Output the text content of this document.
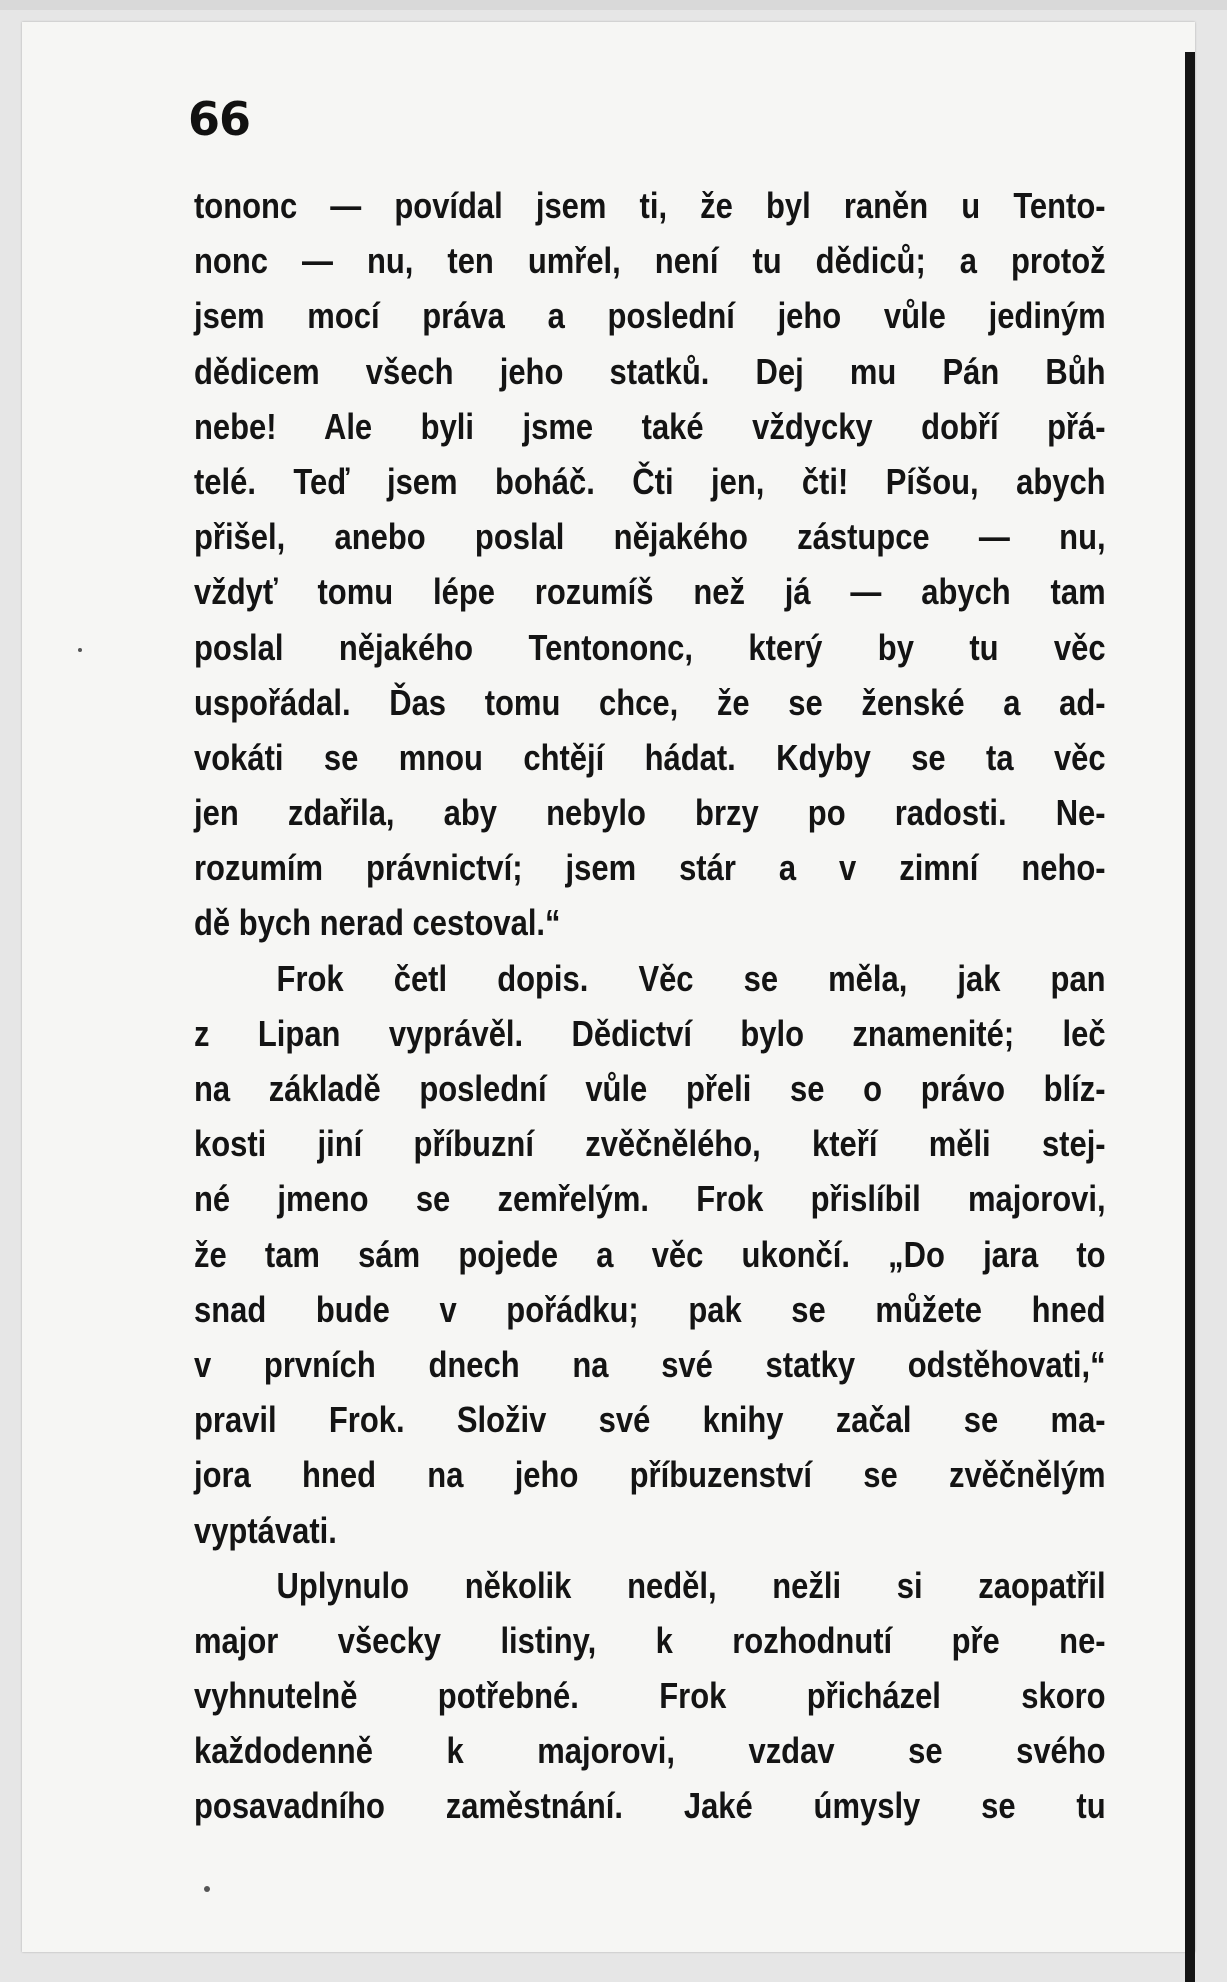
66
tononc — povídal jsem ti, že byl raněn u Tento-
nonc — nu, ten umřel, není tu dědiců; a protož
jsem mocí práva a poslední jeho vůle jediným
dědicem všech jeho statků. Dej mu Pán Bůh
nebe! Ale byli jsme také vždycky dobří přá-
telé. Teď jsem boháč. Čti jen, čti! Píšou, abych
přišel, anebo poslal nějakého zástupce — nu,
vždyť tomu lépe rozumíš než já — abych tam
poslal nějakého Tentononc, který by tu věc
uspořádal. Ďas tomu chce, že se ženské a ad-
vokáti se mnou chtějí hádat. Kdyby se ta věc
jen zdařila, aby nebylo brzy po radosti. Ne-
rozumím právnictví; jsem stár a v zimní neho-
dě bych nerad cestoval.“
Frok četl dopis. Věc se měla, jak pan
z Lipan vyprávěl. Dědictví bylo znamenité; leč
na základě poslední vůle přeli se o právo blíz-
kosti jiní příbuzní zvěčnělého, kteří měli stej-
né jmeno se zemřelým. Frok přislíbil majorovi,
že tam sám pojede a věc ukončí. „Do jara to
snad bude v pořádku; pak se můžete hned
v prvních dnech na své statky odstěhovati,“
pravil Frok. Složiv své knihy začal se ma-
jora hned na jeho příbuzenství se zvěčnělým
vyptávati.
Uplynulo několik neděl, nežli si zaopatřil
major všecky listiny, k rozhodnutí pře ne-
vyhnutelně potřebné. Frok přicházel skoro
každodenně k majorovi, vzdav se svého
posavadního zaměstnání. Jaké úmysly se tu
